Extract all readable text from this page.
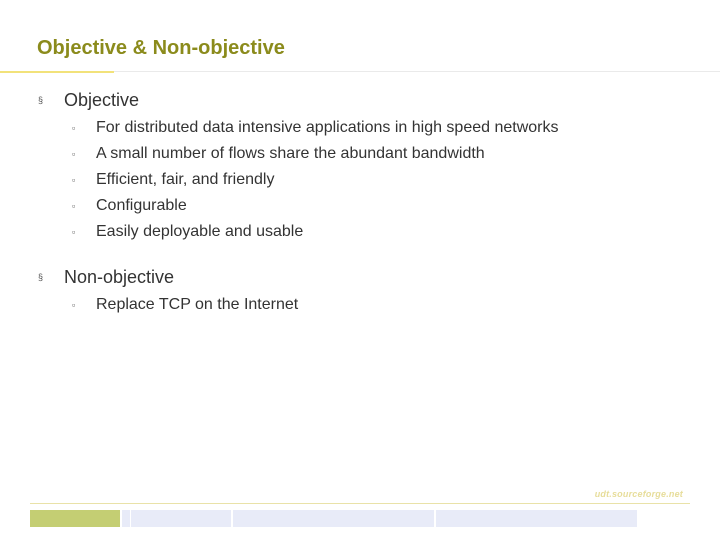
Objective & Non-objective
§	Objective
▫	For distributed data intensive applications in high speed networks
▫	A small number of flows share the abundant bandwidth
▫	Efficient, fair, and friendly
▫	Configurable
▫	Easily deployable and usable
§	Non-objective
▫	Replace TCP on the Internet
udt.sourceforge.net
